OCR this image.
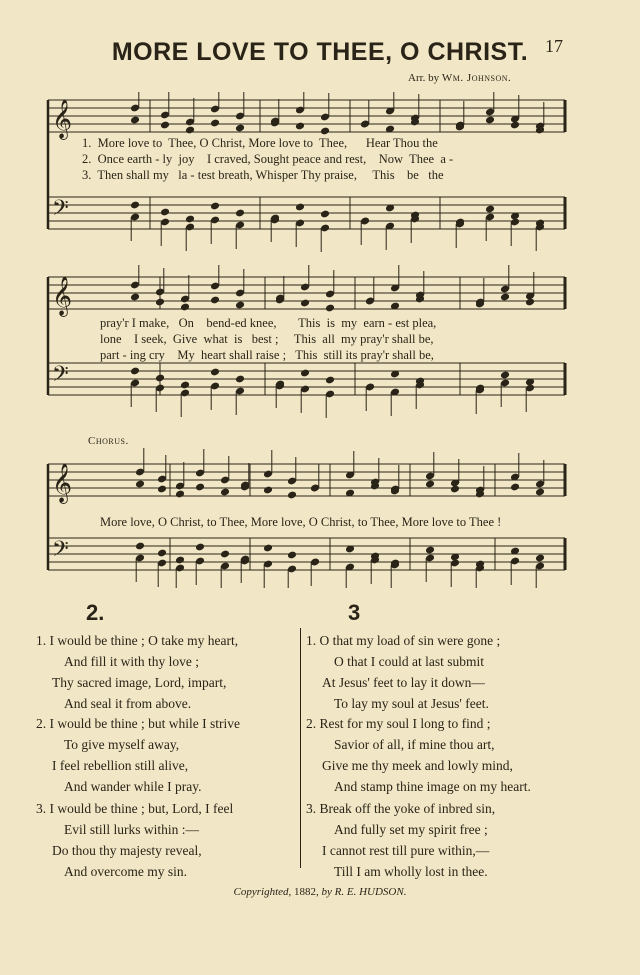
17
MORE LOVE TO THEE, O CHRIST.
Arr. by Wm. Johnson.
𝄞
𝄢
1.  More love to  Thee, O Christ, More love to  Thee,      Hear Thou the
2.  Once earth - ly  joy    I craved, Sought peace and rest,    Now  Thee  a -
3.  Then shall my   la - test breath, Whisper Thy praise,     This    be   the
𝄞
𝄢
pray'r I make,   On    bend-ed knee,       This  is  my  earn - est plea,
lone    I seek,  Give  what  is   best ;     This  all  my pray'r shall be,
part - ing cry    My  heart shall raise ;   This  still its pray'r shall be,
Chorus.
𝄞
𝄢
More love, O Christ, to Thee, More love, O Christ, to Thee, More love to Thee !
2.	3
1. I would be thine ; O take my heart,
And fill it with thy love ;
Thy sacred image, Lord, impart,
And seal it from above.
2. I would be thine ; but while I strive
To give myself away,
I feel rebellion still alive,
And wander while I pray.
3. I would be thine ; but, Lord, I feel
Evil still lurks within :—
Do thou thy majesty reveal,
And overcome my sin.
1. O that my load of sin were gone ;
O that I could at last submit
At Jesus' feet to lay it down—
To lay my soul at Jesus' feet.
2. Rest for my soul I long to find ;
Savior of all, if mine thou art,
Give me thy meek and lowly mind,
And stamp thine image on my heart.
3. Break off the yoke of inbred sin,
And fully set my spirit free ;
I cannot rest till pure within,—
Till I am wholly lost in thee.
Copyrighted, 1882, by R. E. HUDSON.
